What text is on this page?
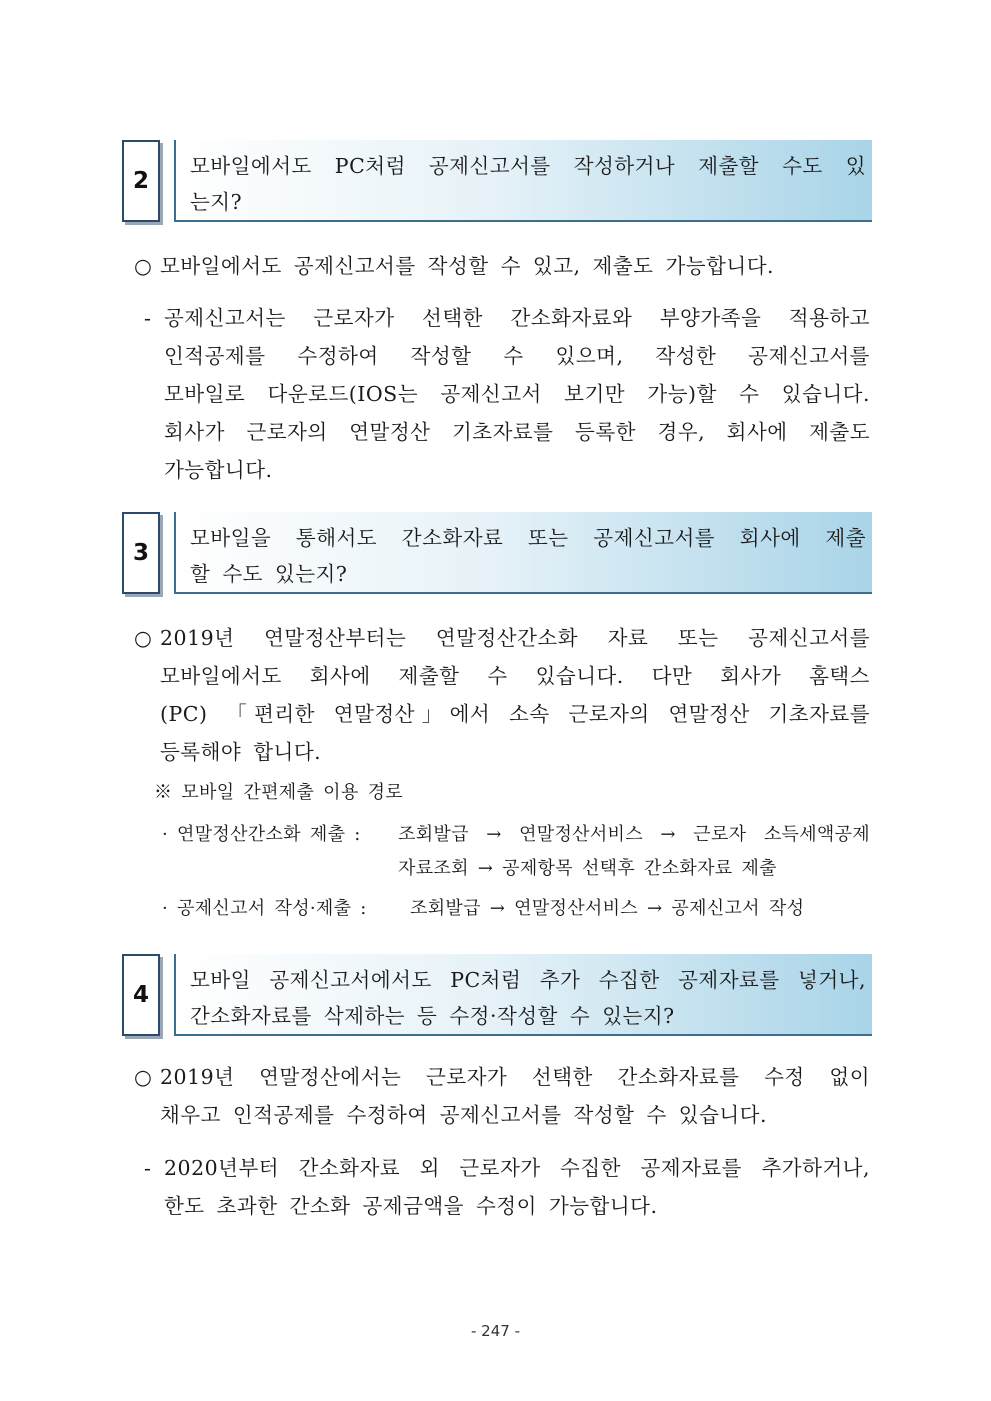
2
모바일에서도 PC처럼 공제신고서를 작성하거나 제출할 수도 있
는지?
○ 모바일에서도 공제신고서를 작성할 수 있고, 제출도 가능합니다.
- 공제신고서는 근로자가 선택한 간소화자료와 부양가족을 적용하고
인적공제를 수정하여 작성할 수 있으며, 작성한 공제신고서를
모바일로 다운로드(IOS는 공제신고서 보기만 가능)할 수 있습니다.
회사가 근로자의 연말정산 기초자료를 등록한 경우, 회사에 제출도
가능합니다.
3
모바일을 통해서도 간소화자료 또는 공제신고서를 회사에 제출
할 수도 있는지?
○ 2019년 연말정산부터는 연말정산간소화 자료 또는 공제신고서를
모바일에서도 회사에 제출할 수 있습니다. 다만 회사가 홈택스
(PC) 「편리한 연말정산」에서 소속 근로자의 연말정산 기초자료를
등록해야 합니다.
※ 모바일 간편제출 이용 경로
· 연말정산간소화 제출 :	조회발급 → 연말정산서비스 → 근로자 소득세액공제
자료조회 → 공제항목 선택후 간소화자료 제출
· 공제신고서 작성·제출 :	조회발급 → 연말정산서비스 → 공제신고서 작성
4
모바일 공제신고서에서도 PC처럼 추가 수집한 공제자료를 넣거나,
간소화자료를 삭제하는 등 수정·작성할 수 있는지?
○ 2019년 연말정산에서는 근로자가 선택한 간소화자료를 수정 없이
채우고 인적공제를 수정하여 공제신고서를 작성할 수 있습니다.
- 2020년부터 간소화자료 외 근로자가 수집한 공제자료를 추가하거나,
한도 초과한 간소화 공제금액을 수정이 가능합니다.
- 247 -
